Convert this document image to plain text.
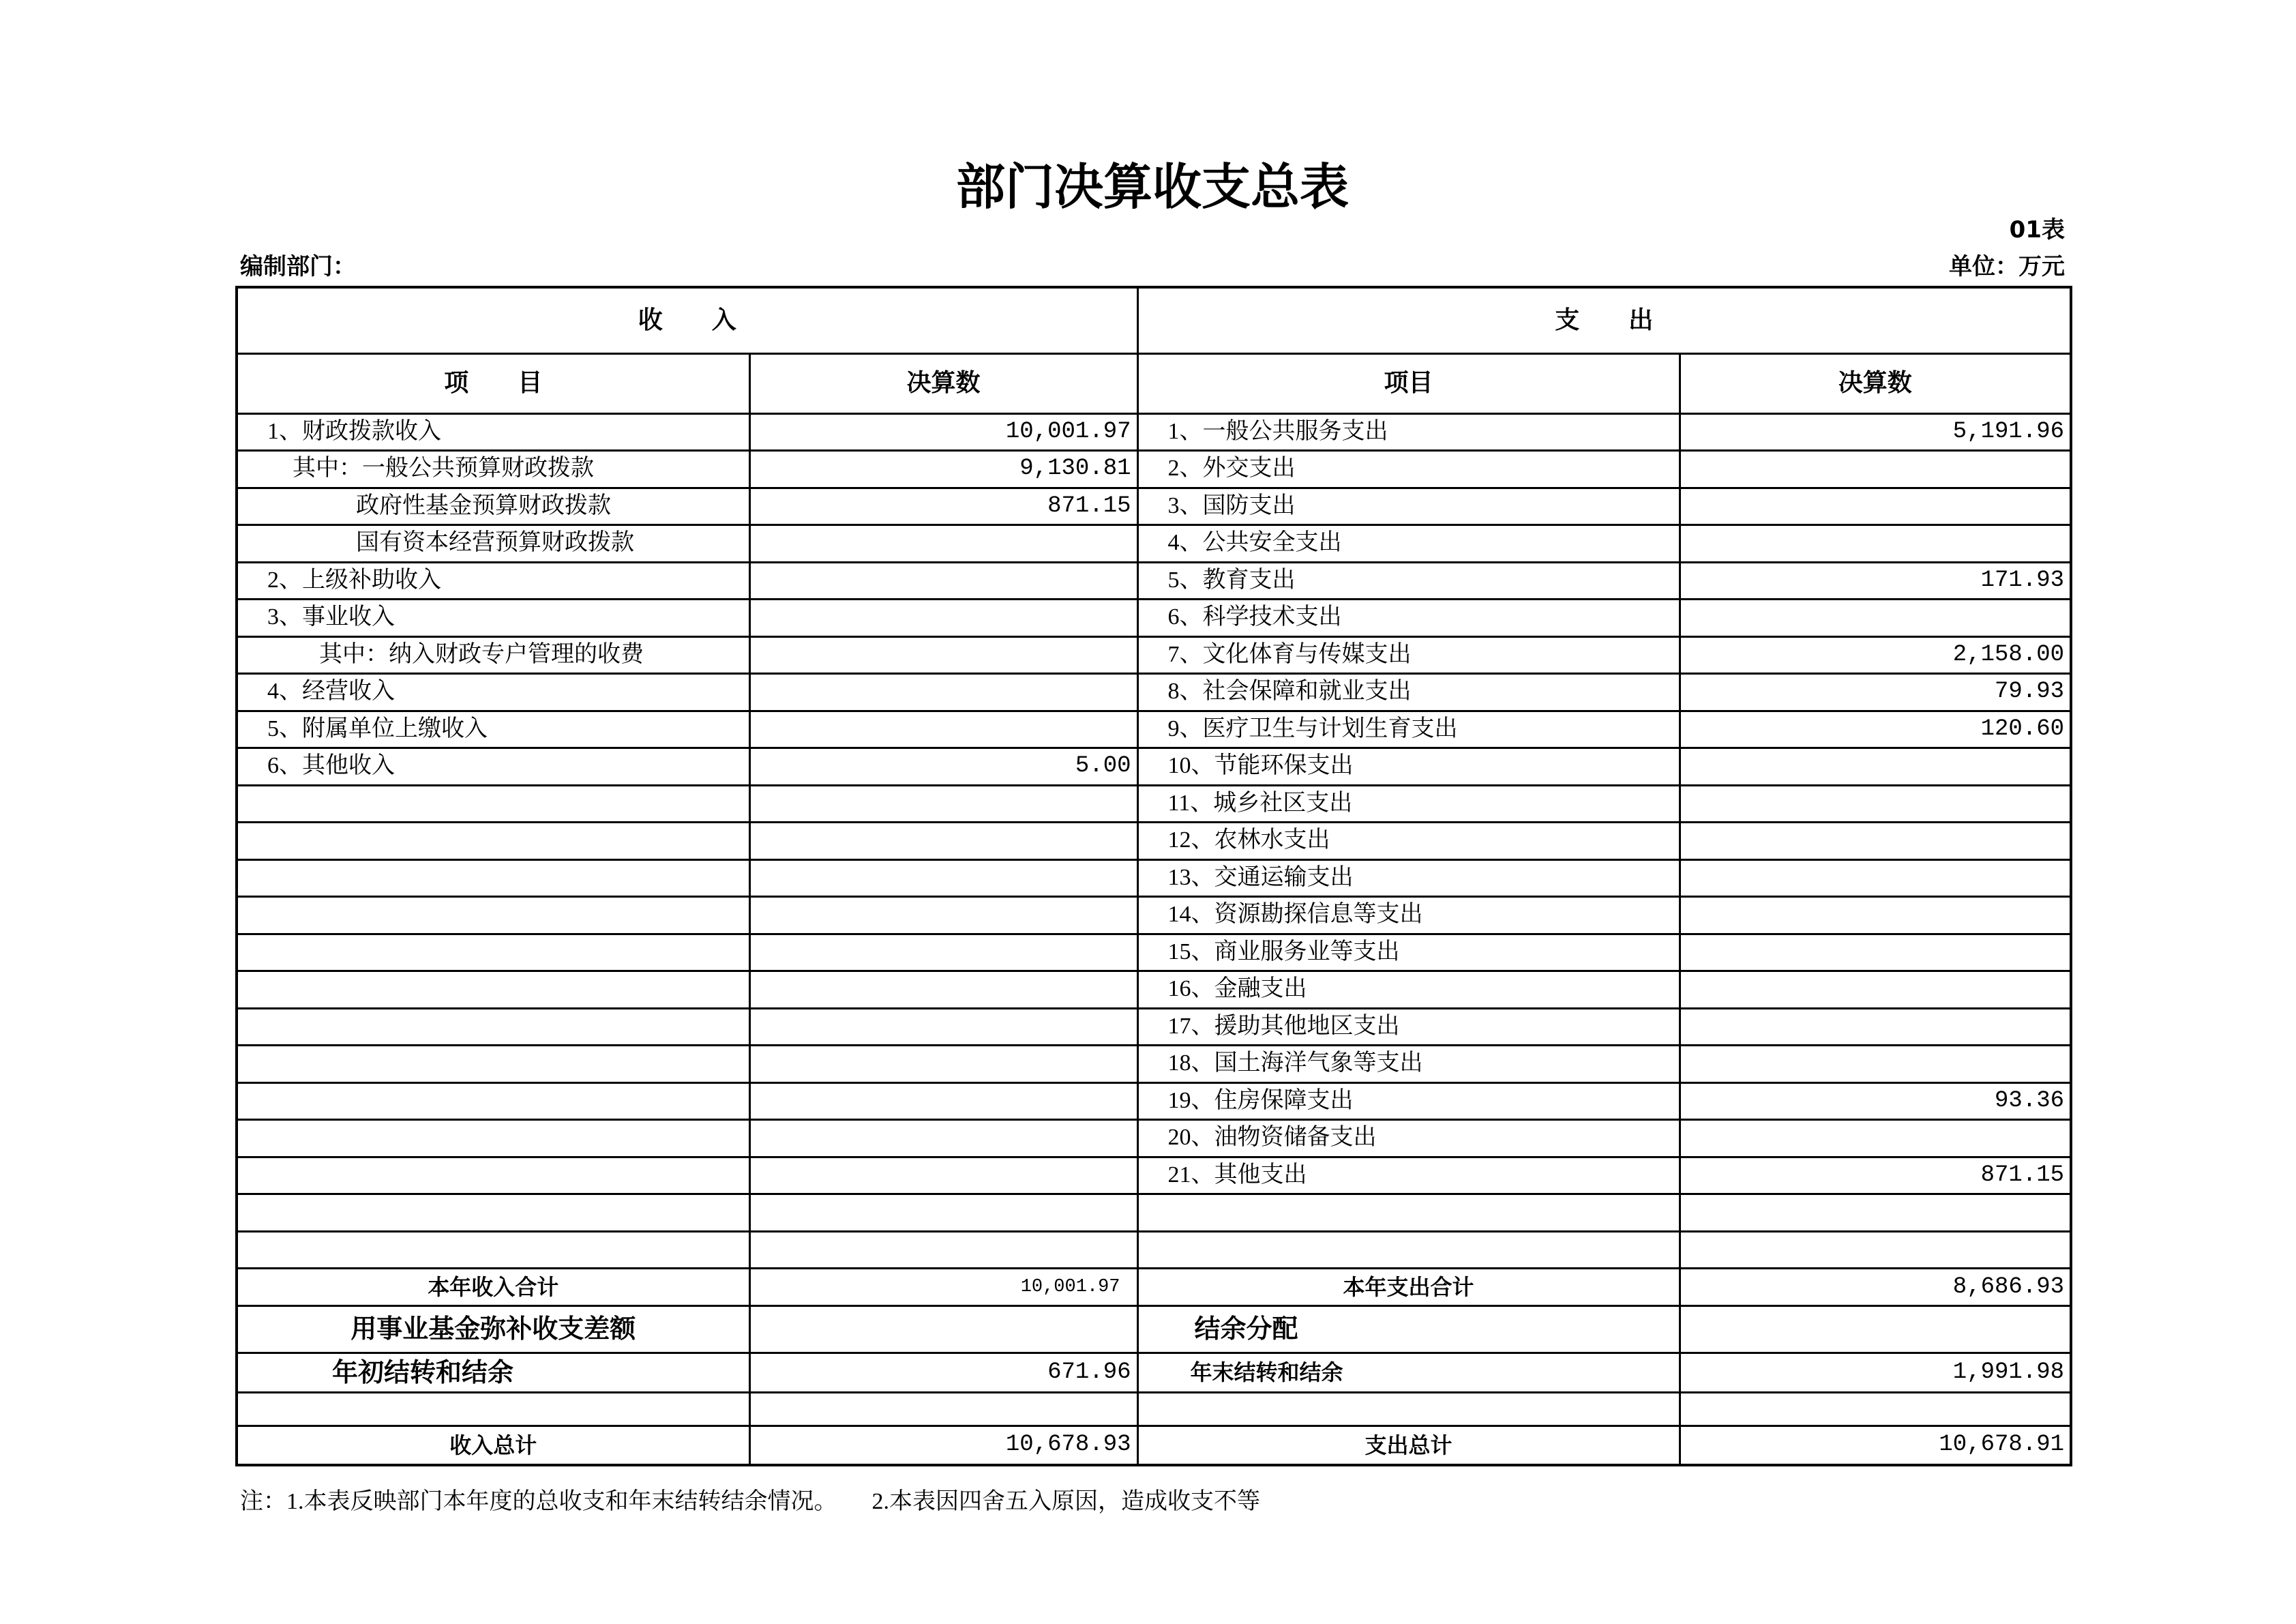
部门决算收支总表
01表
编制部门：	单位：万元
收　　入		支　　出	
项　　目	决算数	项目	决算数
1、财政拨款收入	10,001.97	1、一般公共服务支出	5,191.96
其中：一般公共预算财政拨款	9,130.81	2、外交支出	
政府性基金预算财政拨款	871.15	3、国防支出	
国有资本经营预算财政拨款		4、公共安全支出	
2、上级补助收入		5、教育支出	171.93
3、事业收入		6、科学技术支出	
其中：纳入财政专户管理的收费		7、文化体育与传媒支出	2,158.00
4、经营收入		8、社会保障和就业支出	79.93
5、附属单位上缴收入		9、医疗卫生与计划生育支出	120.60
6、其他收入	5.00	10、节能环保支出	
		11、城乡社区支出	
		12、农林水支出	
		13、交通运输支出	
		14、资源勘探信息等支出	
		15、商业服务业等支出	
		16、金融支出	
		17、援助其他地区支出	
		18、国土海洋气象等支出	
		19、住房保障支出	93.36
		20、油物资储备支出	
		21、其他支出	871.15

本年收入合计	10,001.97	本年支出合计	8,686.93
用事业基金弥补收支差额		结余分配	
年初结转和结余	671.96	年末结转和结余	1,991.98

收入总计	10,678.93	支出总计	10,678.91
注：1.本表反映部门本年度的总收支和年末结转结余情况。　　2.本表因四舍五入原因，造成收支不等
